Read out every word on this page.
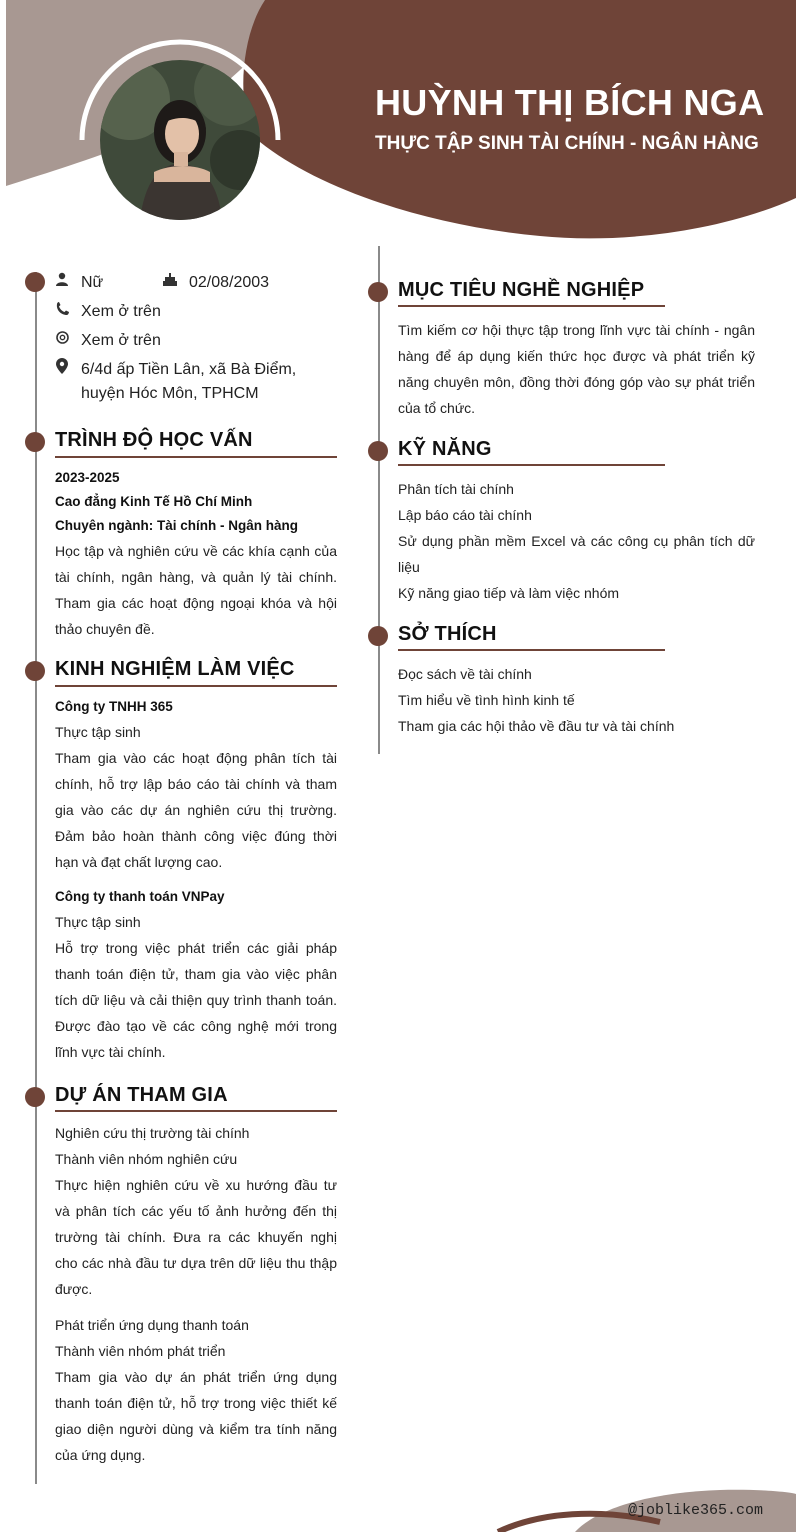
HUỲNH THỊ BÍCH NGA
THỰC TẬP SINH TÀI CHÍNH - NGÂN HÀNG
Nữ	02/08/2003
Xem ở trên
Xem ở trên
6/4d ấp Tiền Lân, xã Bà Điểm,
huyện Hóc Môn, TPHCM
TRÌNH ĐỘ HỌC VẤN

2023-2025

Cao đẳng Kinh Tế Hồ Chí Minh

Chuyên ngành: Tài chính - Ngân hàng

Học tập và nghiên cứu về các khía cạnh của tài chính, ngân hàng, và quản lý tài chính. Tham gia các hoạt động ngoại khóa và hội thảo chuyên đề.

KINH NGHIỆM LÀM VIỆC

Công ty TNHH 365

Thực tập sinh

Tham gia vào các hoạt động phân tích tài chính, hỗ trợ lập báo cáo tài chính và tham gia vào các dự án nghiên cứu thị trường. Đảm bảo hoàn thành công việc đúng thời hạn và đạt chất lượng cao.

Công ty thanh toán VNPay

Thực tập sinh

Hỗ trợ trong việc phát triển các giải pháp thanh toán điện tử, tham gia vào việc phân tích dữ liệu và cải thiện quy trình thanh toán. Được đào tạo về các công nghệ mới trong lĩnh vực tài chính.

DỰ ÁN THAM GIA

Nghiên cứu thị trường tài chính

Thành viên nhóm nghiên cứu

Thực hiện nghiên cứu về xu hướng đầu tư và phân tích các yếu tố ảnh hưởng đến thị trường tài chính. Đưa ra các khuyến nghị cho các nhà đầu tư dựa trên dữ liệu thu thập được.

Phát triển ứng dụng thanh toán

Thành viên nhóm phát triển

Tham gia vào dự án phát triển ứng dụng thanh toán điện tử, hỗ trợ trong việc thiết kế giao diện người dùng và kiểm tra tính năng của ứng dụng.

MỤC TIÊU NGHỀ NGHIỆP

Tìm kiếm cơ hội thực tập trong lĩnh vực tài chính - ngân hàng để áp dụng kiến thức học được và phát triển kỹ năng chuyên môn, đồng thời đóng góp vào sự phát triển của tổ chức.

KỸ NĂNG

Phân tích tài chính

Lập báo cáo tài chính

Sử dụng phần mềm Excel và các công cụ phân tích dữ liệu

Kỹ năng giao tiếp và làm việc nhóm

SỞ THÍCH

Đọc sách về tài chính

Tìm hiểu về tình hình kinh tế

Tham gia các hội thảo về đầu tư và tài chính

@joblike365.com
